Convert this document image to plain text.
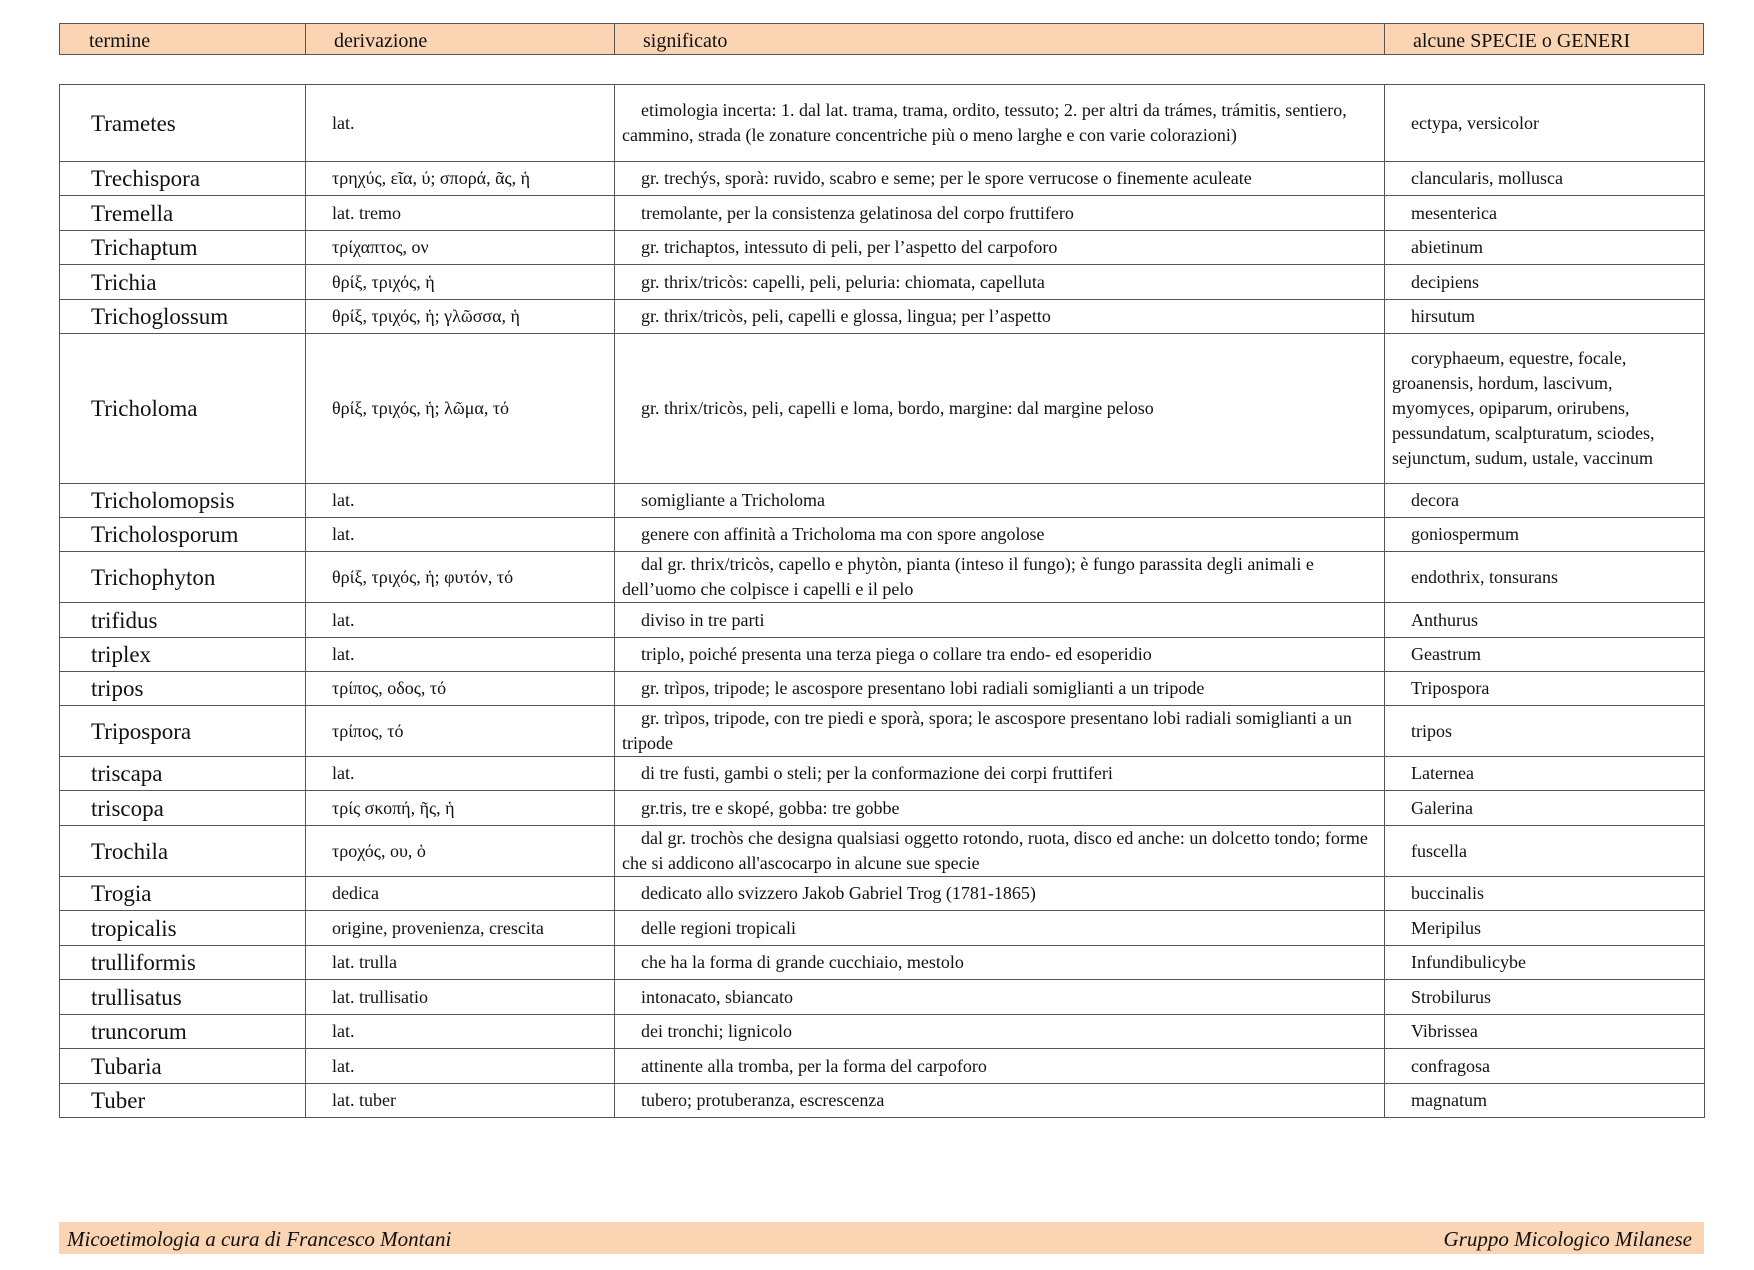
termine	derivazione	significato	alcune SPECIE o GENERI
Trametes	lat.	etimologia incerta: 1. dal lat. trama, trama, ordito, tessuto; 2. per altri da trámes, trámitis, sentiero, cammino, strada (le zonature concentriche più o meno larghe e con varie colorazioni)	ectypa, versicolor

Trechispora	τρηχύς, εῖα, ύ; σπορά, ᾶς, ἡ	gr. trechýs, sporà: ruvido, scabro e seme; per le spore verrucose o finemente aculeate	clancularis, mollusca

Tremella	lat. tremo	tremolante, per la consistenza gelatinosa del corpo fruttifero	mesenterica

Trichaptum	τρίχαπτος, ον	gr. trichaptos, intessuto di peli, per l’aspetto del carpoforo	abietinum

Trichia	θρίξ, τριχός, ἡ	gr. thrix/tricòs: capelli, peli, peluria: chiomata, capelluta	decipiens

Trichoglossum	θρίξ, τριχός, ἡ; γλῶσσα, ἡ	gr. thrix/tricòs, peli, capelli e glossa, lingua; per l’aspetto	hirsutum

Tricholoma	θρίξ, τριχός, ἡ; λῶμα, τό	gr. thrix/tricòs, peli, capelli e loma, bordo, margine: dal margine peloso	coryphaeum, equestre, focale, groanensis, hordum, lascivum, myomyces, opiparum, orirubens, pessundatum, scalpturatum, sciodes, sejunctum, sudum, ustale, vaccinum

Tricholomopsis	lat.	somigliante a Tricholoma	decora

Tricholosporum	lat.	genere con affinità a Tricholoma ma con spore angolose	goniospermum

Trichophyton	θρίξ, τριχός, ἡ; φυτόν, τό	dal gr. thrix/tricòs, capello e phytòn, pianta (inteso il fungo); è fungo parassita degli animali e dell’uomo che colpisce i capelli e il pelo	endothrix, tonsurans

trifidus	lat.	diviso in tre parti	Anthurus

triplex	lat.	triplo, poiché presenta una terza piega o collare tra endo- ed esoperidio	Geastrum

tripos	τρίπος, οδος, τό	gr. trìpos, tripode; le ascospore presentano lobi radiali somiglianti a un tripode	Tripospora

Tripospora	τρίπος, τό	gr. trìpos, tripode, con tre piedi e sporà, spora; le ascospore presentano lobi radiali somiglianti a un tripode	tripos

triscapa	lat.	di tre fusti, gambi o steli; per la conformazione dei corpi fruttiferi	Laternea

triscopa	τρίς σκοπή, ῆς, ἡ	gr.tris, tre e skopé, gobba: tre gobbe	Galerina

Trochila	τροχός, ου, ὁ	dal gr. trochòs che designa qualsiasi oggetto rotondo, ruota, disco ed anche: un dolcetto tondo; forme che si addicono all'ascocarpo in alcune sue specie	fuscella

Trogia	dedica	dedicato allo svizzero Jakob Gabriel Trog (1781-1865)	buccinalis

tropicalis	origine, provenienza, crescita	delle regioni tropicali	Meripilus

trulliformis	lat. trulla	che ha la forma di grande cucchiaio, mestolo	Infundibulicybe

trullisatus	lat. trullisatio	intonacato, sbiancato	Strobilurus

truncorum	lat.	dei tronchi; lignicolo	Vibrissea

Tubaria	lat.	attinente alla tromba, per la forma del carpoforo	confragosa

Tuber	lat. tuber	tubero; protuberanza, escrescenza	magnatum
Micoetimologia a cura di Francesco Montani	Gruppo Micologico Milanese
